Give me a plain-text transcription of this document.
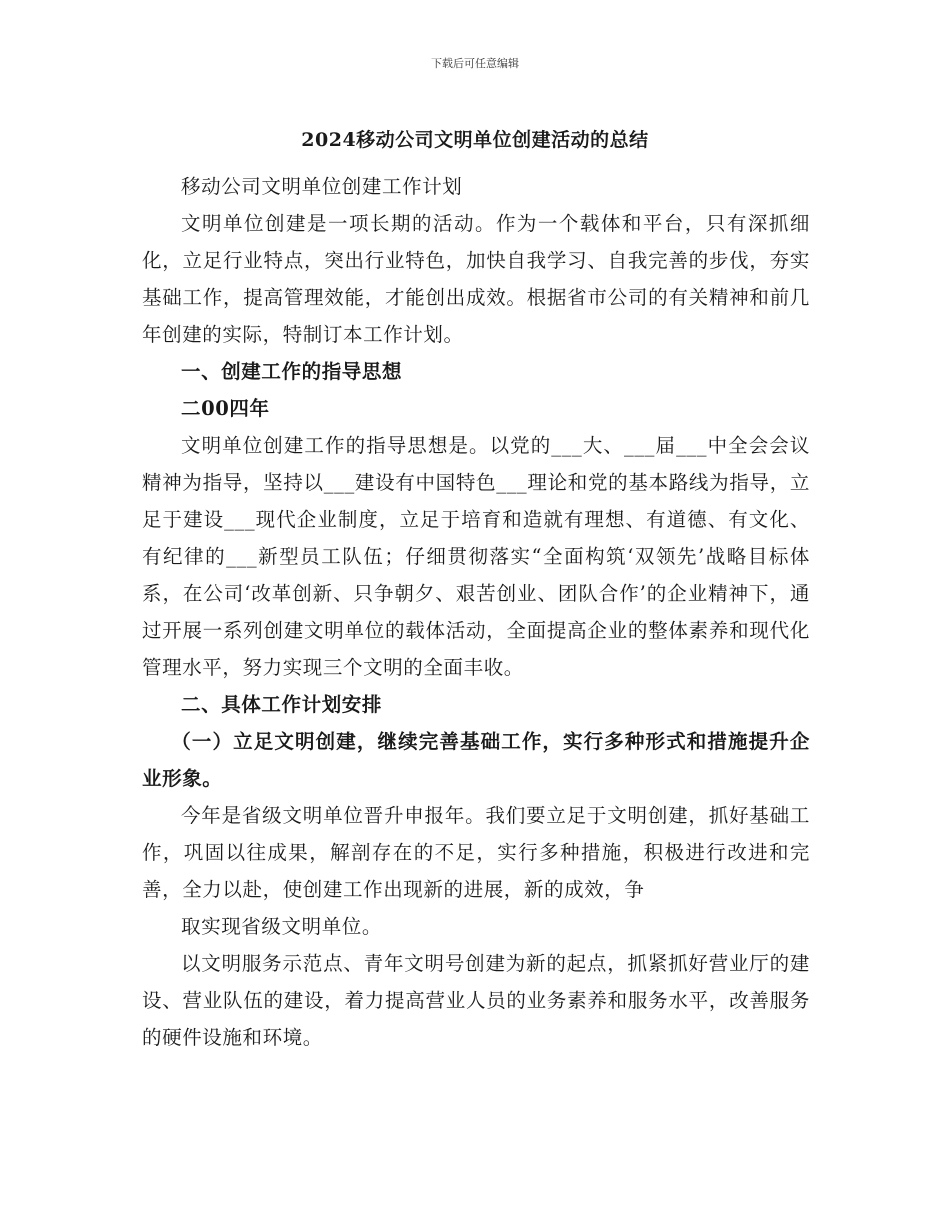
下载后可任意编辑
2024移动公司文明单位创建活动的总结

移动公司文明单位创建工作计划

文明单位创建是一项长期的活动。作为一个载体和平台，只有深抓细化，立足行业特点，突出行业特色，加快自我学习、自我完善的步伐，夯实基础工作，提高管理效能，才能创出成效。根据省市公司的有关精神和前几年创建的实际，特制订本工作计划。

一、创建工作的指导思想

二00四年

文明单位创建工作的指导思想是。以党的___大、___届___中全会会议精神为指导，坚持以___建设有中国特色___理论和党的基本路线为指导，立足于建设___现代企业制度，立足于培育和造就有理想、有道德、有文化、有纪律的___新型员工队伍；仔细贯彻落实“全面构筑‘双领先’战略目标体系，在公司‘改革创新、只争朝夕、艰苦创业、团队合作’的企业精神下，通过开展一系列创建文明单位的载体活动，全面提高企业的整体素养和现代化管理水平，努力实现三个文明的全面丰收。

二、具体工作计划安排

（一）立足文明创建，继续完善基础工作，实行多种形式和措施提升企业形象。

今年是省级文明单位晋升申报年。我们要立足于文明创建，抓好基础工作，巩固以往成果，解剖存在的不足，实行多种措施，积极进行改进和完善，全力以赴，使创建工作出现新的进展，新的成效，争

取实现省级文明单位。

以文明服务示范点、青年文明号创建为新的起点，抓紧抓好营业厅的建设、营业队伍的建设，着力提高营业人员的业务素养和服务水平，改善服务的硬件设施和环境。
